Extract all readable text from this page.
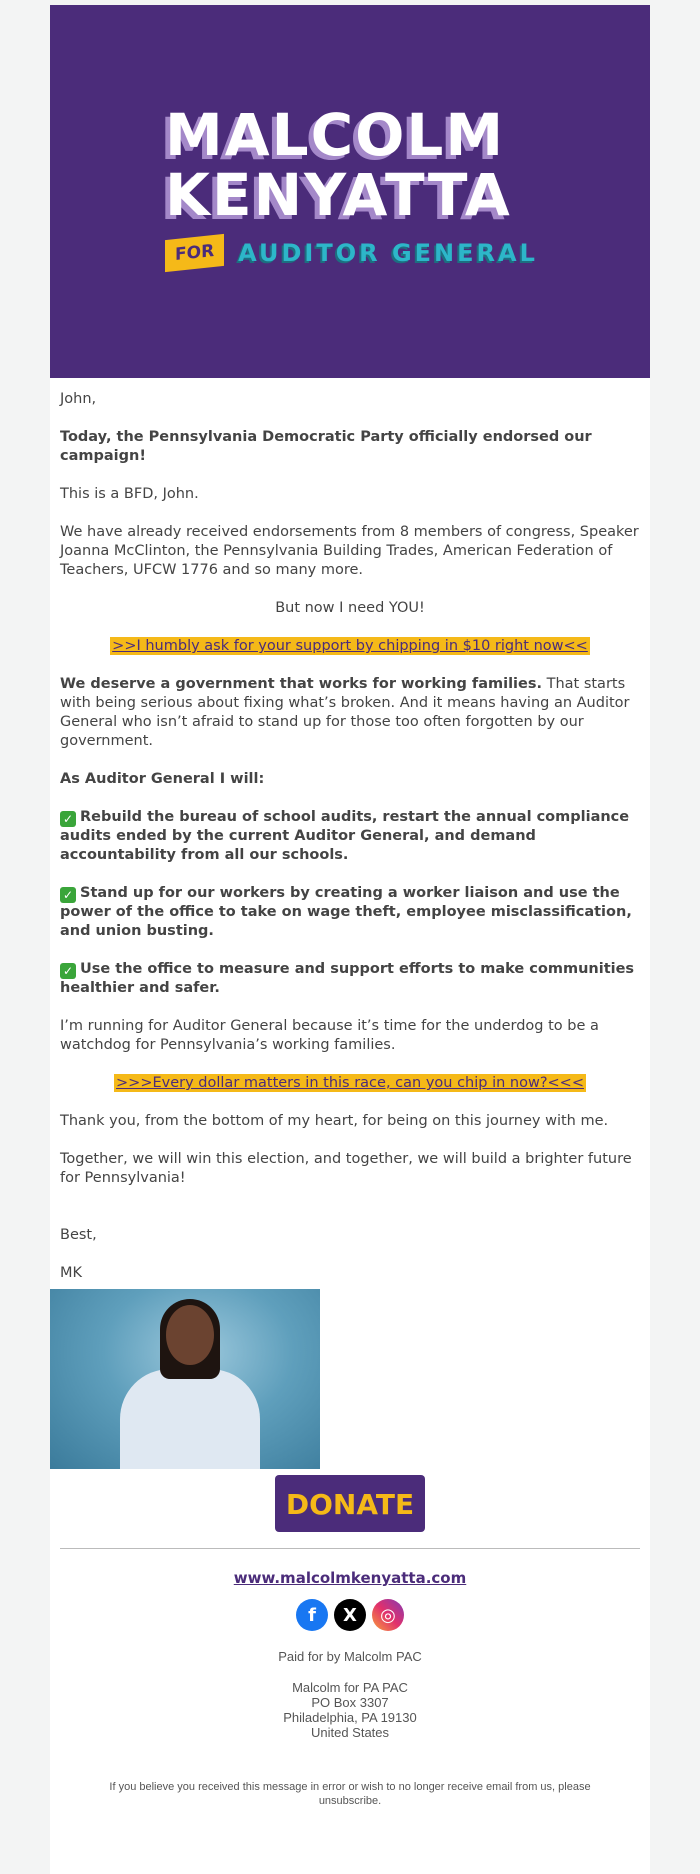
MALCOLM
KENYATTA
FOR	AUDITOR GENERAL

John,

Today, the Pennsylvania Democratic Party officially endorsed our campaign!

This is a BFD, John.

We have already received endorsements from 8 members of congress, Speaker Joanna McClinton, the Pennsylvania Building Trades, American Federation of Teachers, UFCW 1776 and so many more.

But now I need YOU!

>>I humbly ask for your support by chipping in $10 right now<<

We deserve a government that works for working families. That starts with being serious about fixing what’s broken. And it means having an Auditor General who isn’t afraid to stand up for those too often forgotten by our government.

As Auditor General I will:

✓ Rebuild the bureau of school audits, restart the annual compliance audits ended by the current Auditor General, and demand accountability from all our schools.

✓ Stand up for our workers by creating a worker liaison and use the power of the office to take on wage theft, employee misclassification, and union busting.

✓ Use the office to measure and support efforts to make communities healthier and safer.

I’m running for Auditor General because it’s time for the underdog to be a watchdog for Pennsylvania’s working families.

>>>Every dollar matters in this race, can you chip in now?<<<

Thank you, from the bottom of my heart, for being on this journey with me.

Together, we will win this election, and together, we will build a brighter future for Pennsylvania!

Best,

MK

DONATE
www.malcolmkenyatta.com
f	X	◎
Paid for by Malcolm PAC
Malcolm for PA PAC
PO Box 3307
Philadelphia, PA 19130
United States
If you believe you received this message in error or wish to no longer receive email from us, please unsubscribe.
